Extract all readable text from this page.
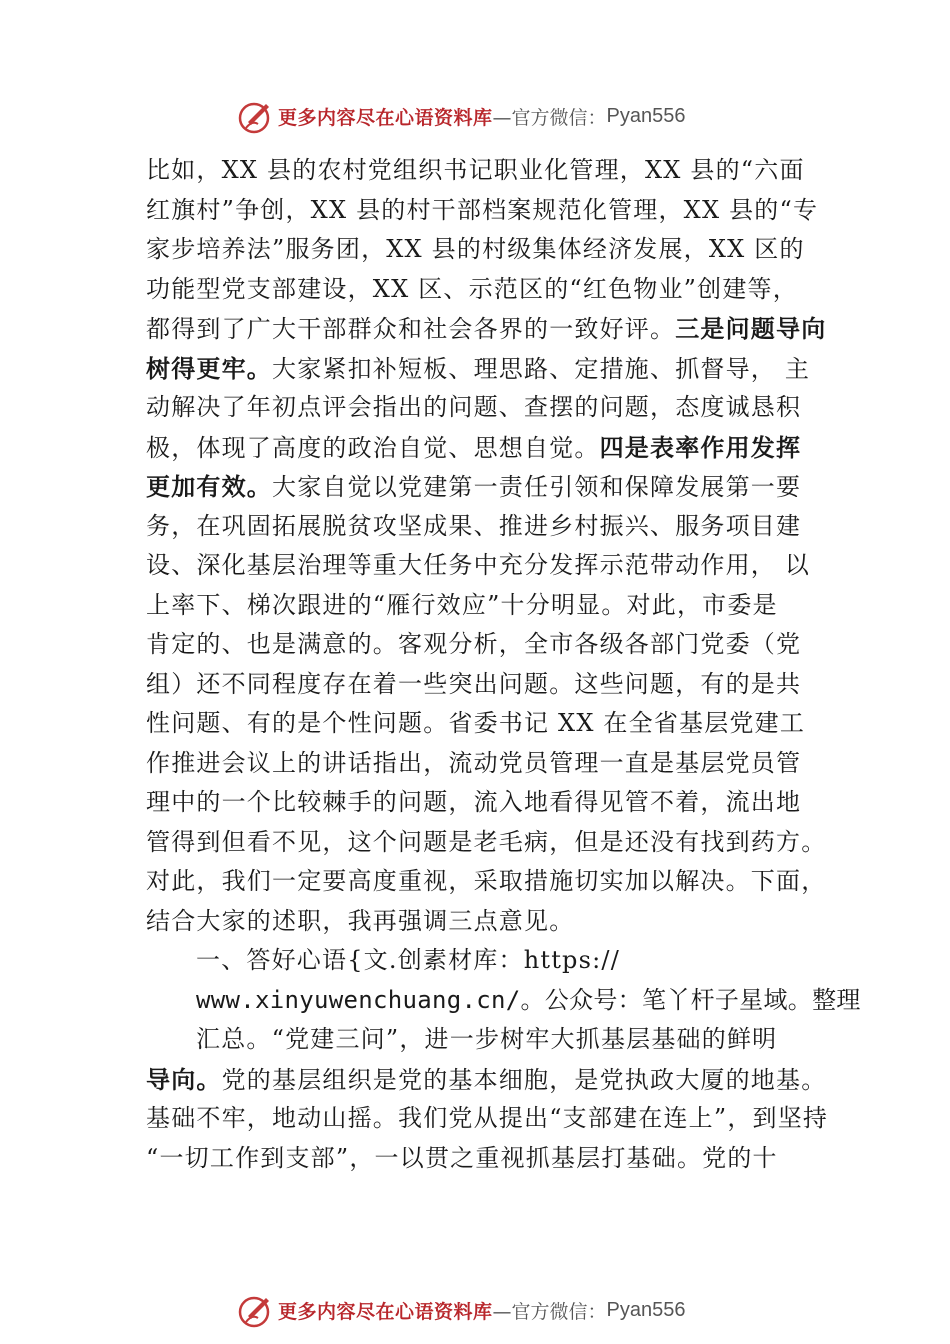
更多内容尽在心语资料库 —官方微信： Pyan556
比如，XX 县的农村党组织书记职业化管理，XX 县的“六面
红旗村”争创，XX 县的村干部档案规范化管理，XX 县的“专
家步培养法”服务团，XX 县的村级集体经济发展，XX 区的
功能型党支部建设，XX 区、示范区的“红色物业”创建等，
都得到了广大干部群众和社会各界的一致好评。三是问题导向
树得更牢。大家紧扣补短板、理思路、定措施、抓督导， 主
动解决了年初点评会指出的问题、查摆的问题，态度诚恳积
极，体现了高度的政治自觉、思想自觉。四是表率作用发挥
更加有效。大家自觉以党建第一责任引领和保障发展第一要
务，在巩固拓展脱贫攻坚成果、推进乡村振兴、服务项目建
设、深化基层治理等重大任务中充分发挥示范带动作用， 以
上率下、梯次跟进的“雁行效应”十分明显。对此，市委是
肯定的、也是满意的。客观分析，全市各级各部门党委（党
组）还不同程度存在着一些突出问题。这些问题，有的是共
性问题、有的是个性问题。省委书记 XX 在全省基层党建工
作推进会议上的讲话指出，流动党员管理一直是基层党员管
理中的一个比较棘手的问题，流入地看得见管不着，流出地
管得到但看不见，这个问题是老毛病，但是还没有找到药方。
对此，我们一定要高度重视，采取措施切实加以解决。下面，
结合大家的述职，我再强调三点意见。
一、答好心语{文.创素材库：https://
www.xinyuwenchuang.cn/。公众号：笔丫杆子星域。整理
汇总。“党建三问”，进一步树牢大抓基层基础的鲜明
导向。党的基层组织是党的基本细胞，是党执政大厦的地基。
基础不牢，地动山摇。我们党从提出“支部建在连上”，到坚持
“一切工作到支部”，一以贯之重视抓基层打基础。党的十
更多内容尽在心语资料库 —官方微信： Pyan556
